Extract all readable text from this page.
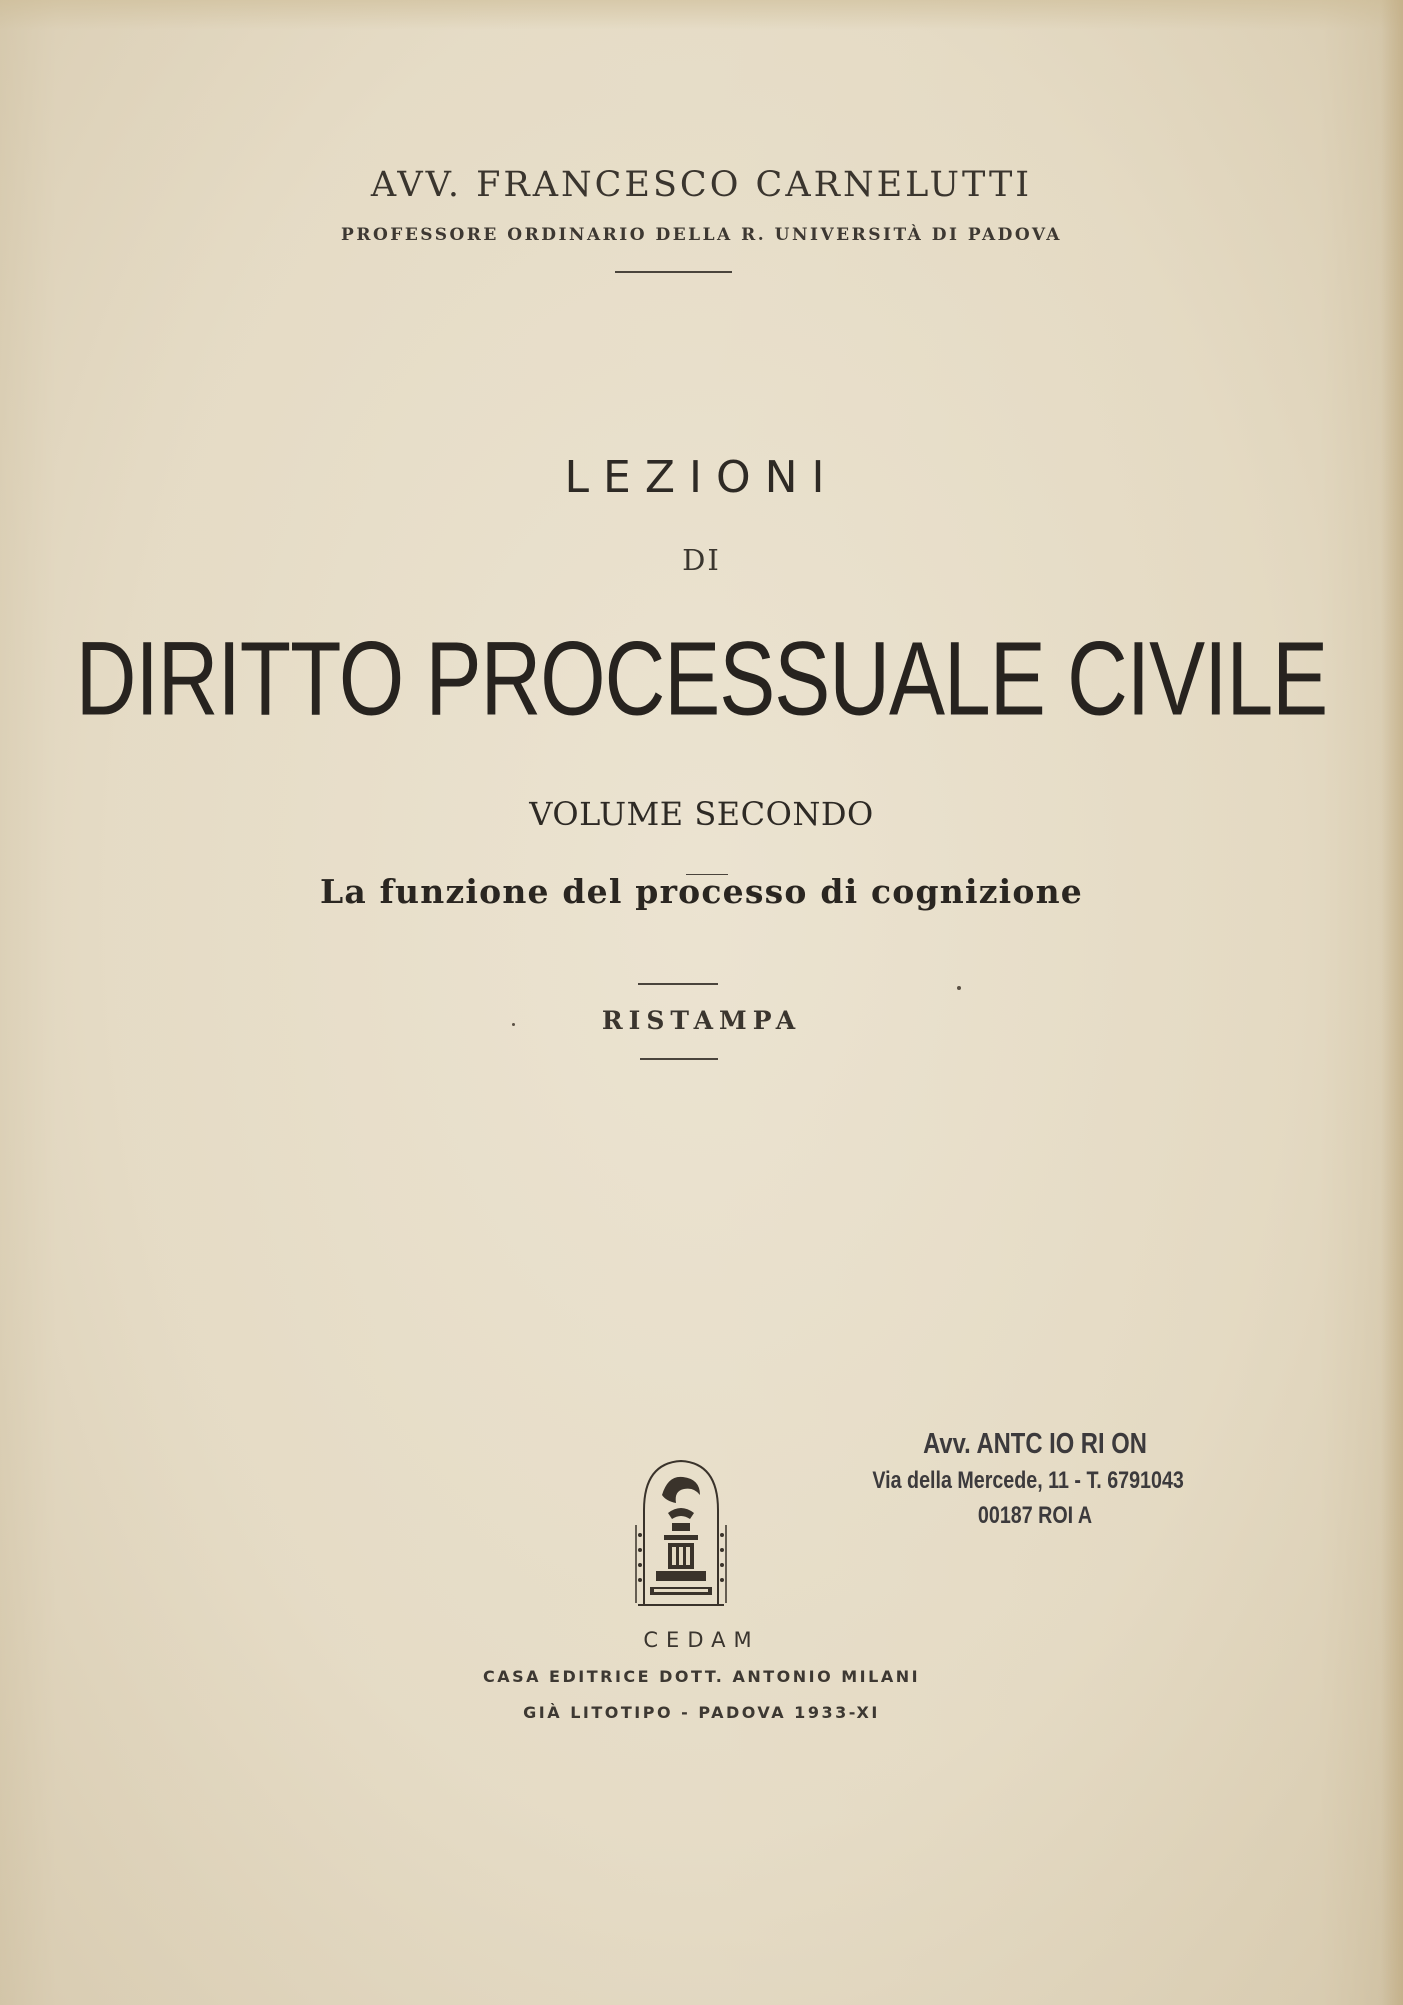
AVV. FRANCESCO CARNELUTTI
PROFESSORE ORDINARIO DELLA R. UNIVERSITÀ DI PADOVA
LEZIONI
DI
DIRITTO PROCESSUALE CIVILE
VOLUME SECONDO
La funzione del processo di cognizione
RISTAMPA
Avv. ANTC IO RI ON
Via della Mercede, 11 - T. 6791043
00187 ROI A
CEDAM
CASA EDITRICE DOTT. ANTONIO MILANI
GIÀ LITOTIPO - PADOVA 1933-XI
